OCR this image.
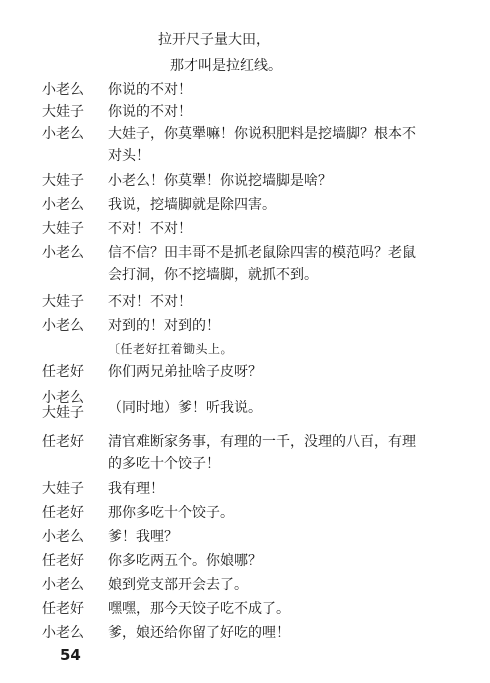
拉开尺子量大田，
那才叫是拉红线。
小老么	你说的不对！
大娃子	你说的不对！
小老么	大娃子，你莫犟嘛！你说积肥料是挖墙脚？根本不
对头！
大娃子	小老么！你莫犟！你说挖墙脚是啥？
小老么	我说，挖墙脚就是除四害。
大娃子	不对！不对！
小老么	信不信？田丰哥不是抓老鼠除四害的模范吗？老鼠
会打洞，你不挖墙脚，就抓不到。
大娃子	不对！不对！
小老么	对到的！对到的！
〔任老好扛着锄头上。
任老好	你们两兄弟扯啥子皮呀？
小老么
大娃子	（同时地）爹！听我说。
任老好	清官难断家务事，有理的一千，没理的八百，有理
的多吃十个饺子！
大娃子	我有理！
任老好	那你多吃十个饺子。
小老么	爹！我哩？
任老好	你多吃两五个。你娘哪？
小老么	娘到党支部开会去了。
任老好	嘿嘿，那今天饺子吃不成了。
小老么	爹，娘还给你留了好吃的哩！
54
